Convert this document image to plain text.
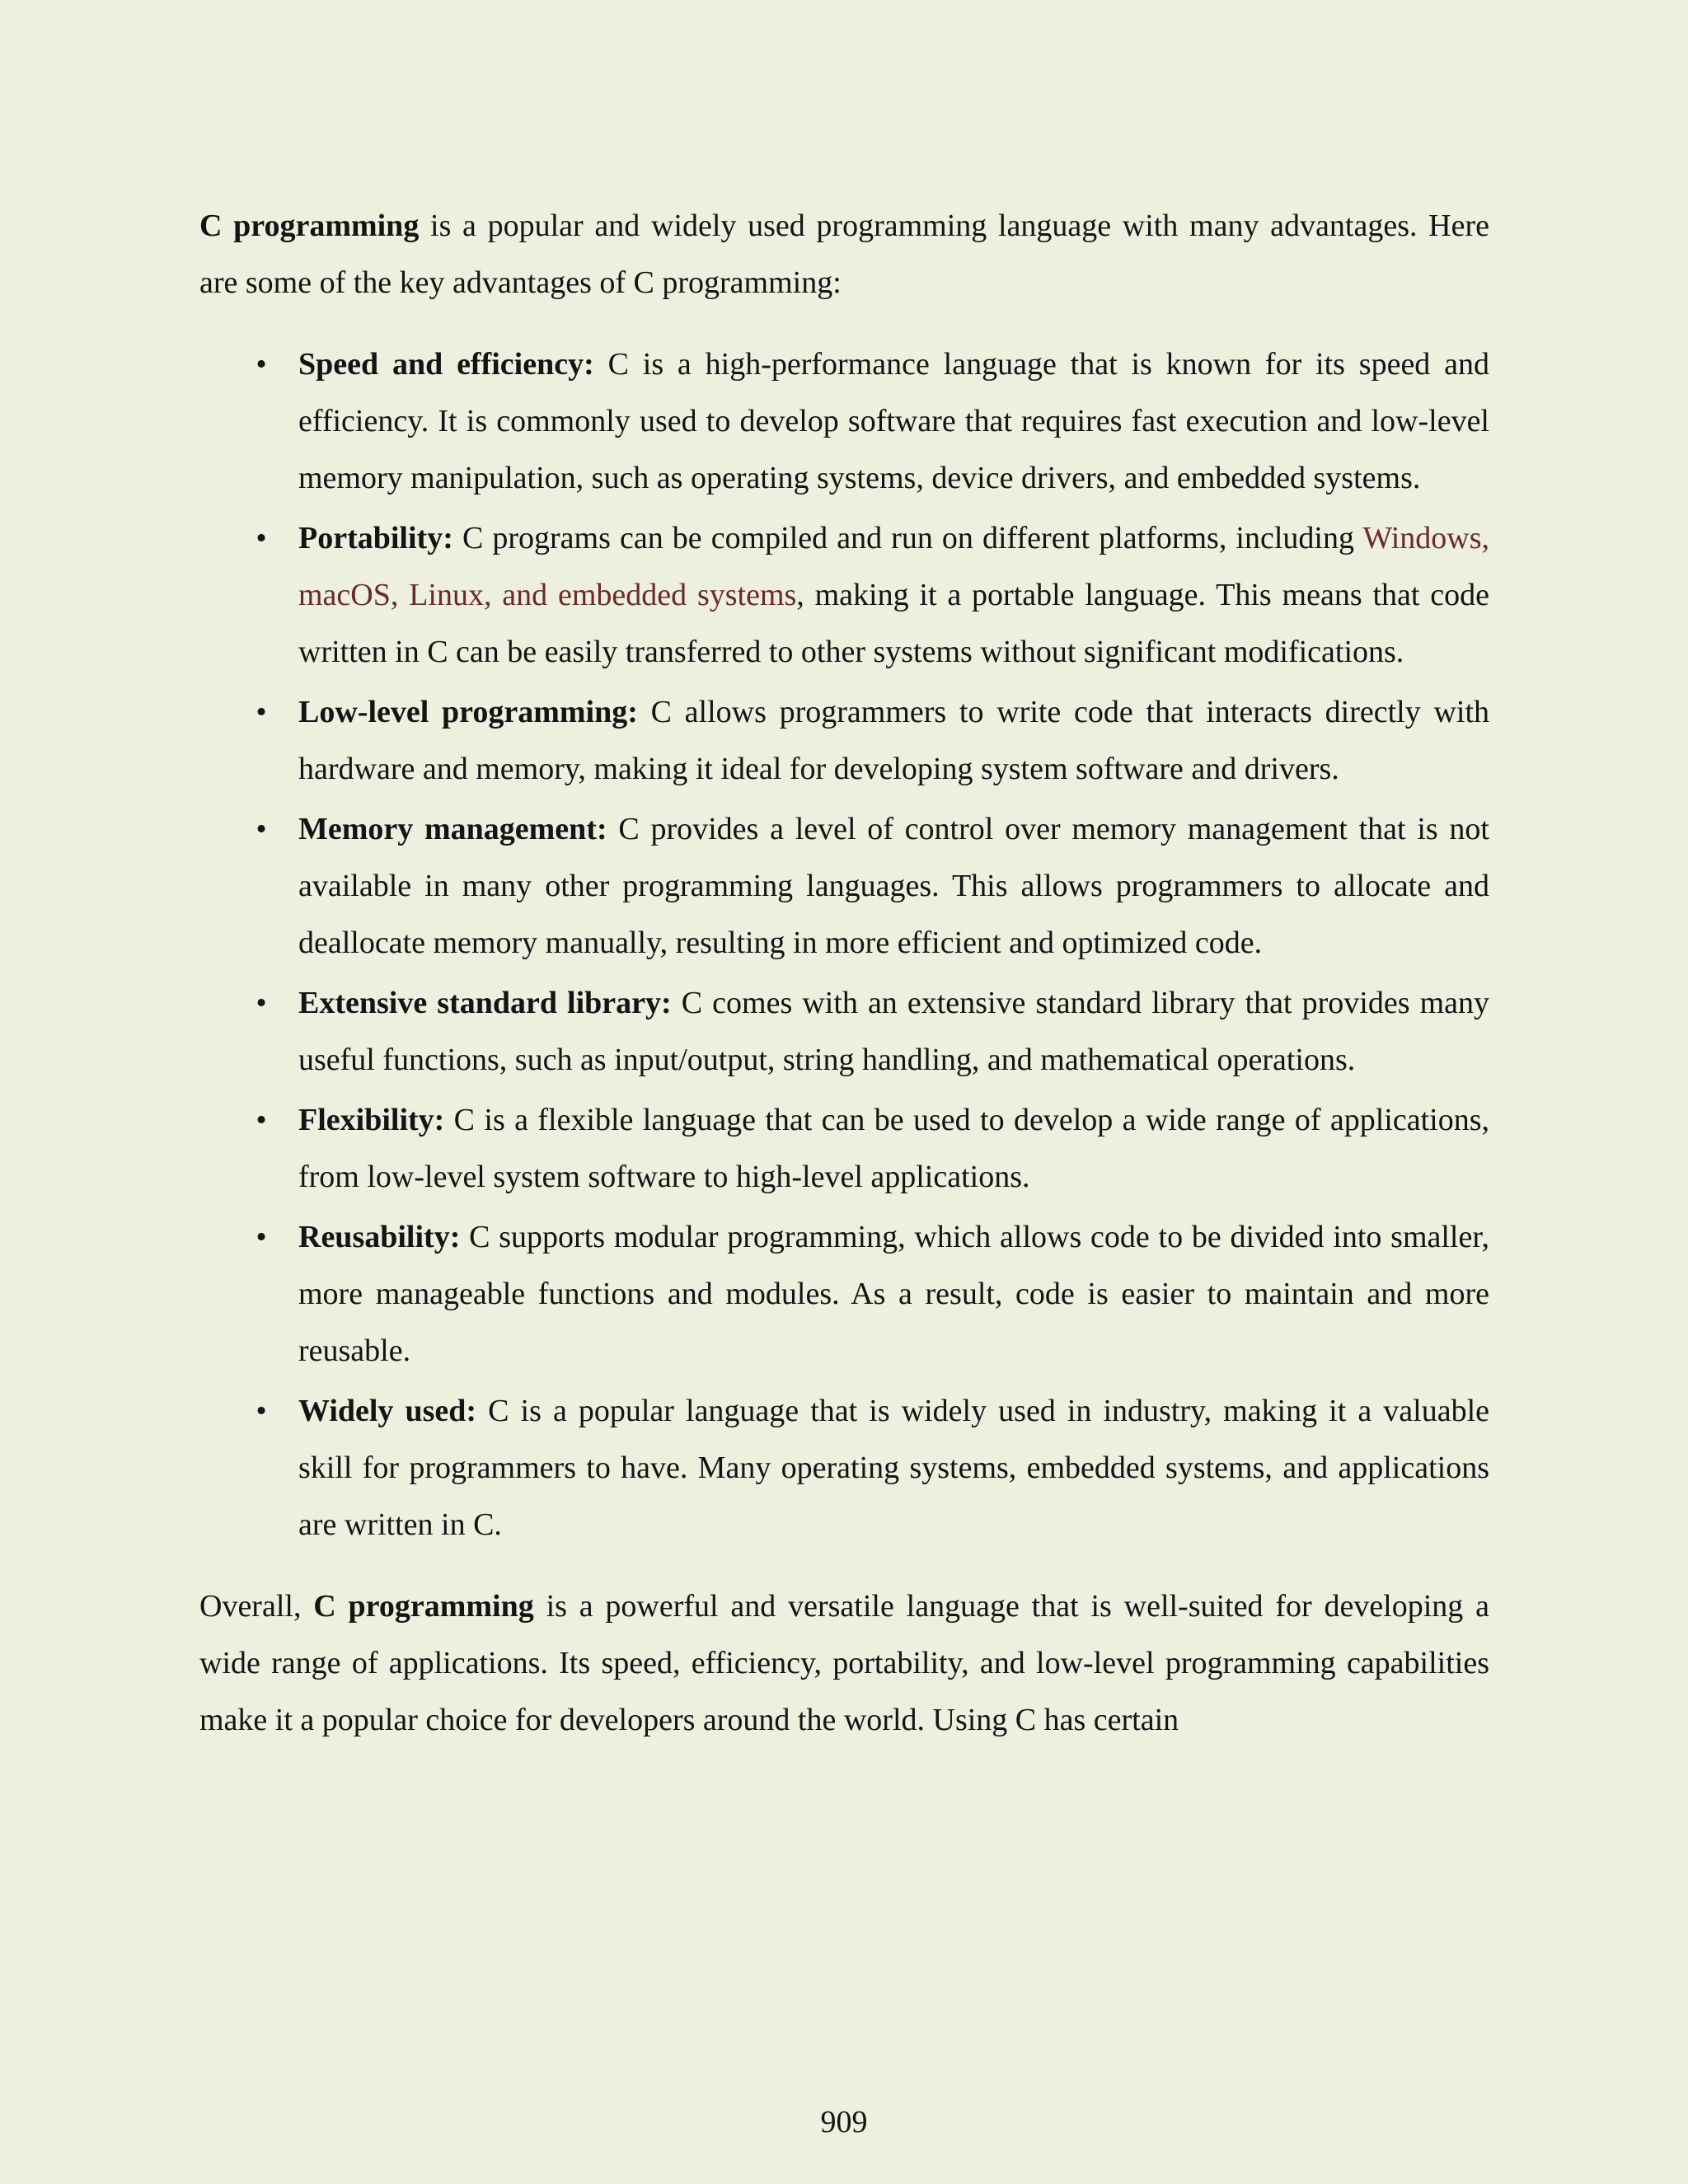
C programming is a popular and widely used programming language with many advantages. Here are some of the key advantages of C programming:

• Speed and efficiency: C is a high-performance language that is known for its speed and efficiency. It is commonly used to develop software that requires fast execution and low-level memory manipulation, such as operating systems, device drivers, and embedded systems.
• Portability: C programs can be compiled and run on different platforms, including Windows, macOS, Linux, and embedded systems, making it a portable language. This means that code written in C can be easily transferred to other systems without significant modifications.
• Low-level programming: C allows programmers to write code that interacts directly with hardware and memory, making it ideal for developing system software and drivers.
• Memory management: C provides a level of control over memory management that is not available in many other programming languages. This allows programmers to allocate and deallocate memory manually, resulting in more efficient and optimized code.
• Extensive standard library: C comes with an extensive standard library that provides many useful functions, such as input/output, string handling, and mathematical operations.
• Flexibility: C is a flexible language that can be used to develop a wide range of applications, from low-level system software to high-level applications.
• Reusability: C supports modular programming, which allows code to be divided into smaller, more manageable functions and modules. As a result, code is easier to maintain and more reusable.
• Widely used: C is a popular language that is widely used in industry, making it a valuable skill for programmers to have. Many operating systems, embedded systems, and applications are written in C.

Overall, C programming is a powerful and versatile language that is well-suited for developing a wide range of applications. Its speed, efficiency, portability, and low-level programming capabilities make it a popular choice for developers around the world. Using C has certain

909
